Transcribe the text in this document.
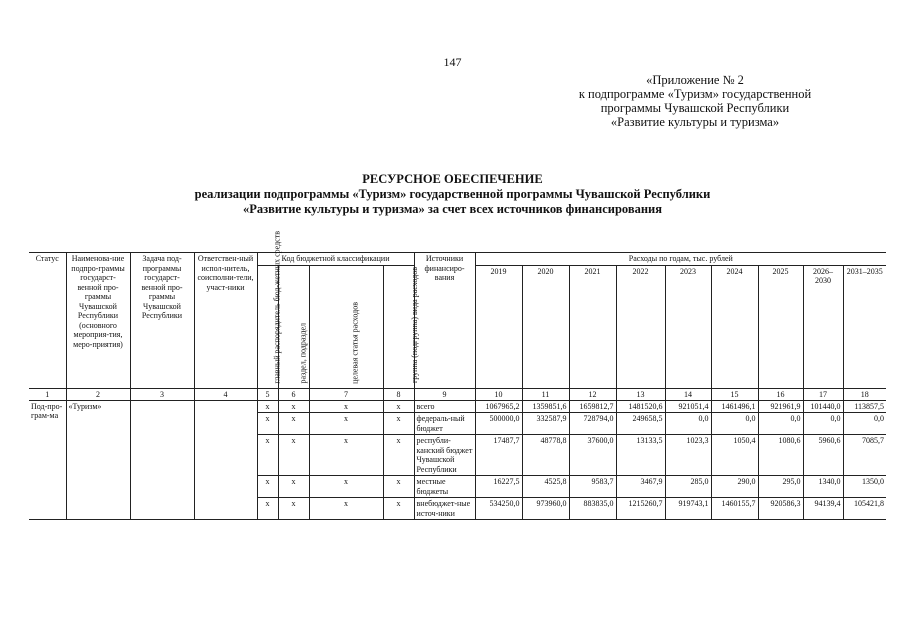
147
«Приложение № 2
к подпрограмме «Туризм» государственной
программы Чувашской Республики
«Развитие культуры и туризма»
РЕСУРСНОЕ ОБЕСПЕЧЕНИЕ
реализации подпрограммы «Туризм» государственной программы Чувашской Республики
«Развитие культуры и туризма» за счет всех источников финансирования
Статус	Наименова-ние подпро-граммы государст-венной про-граммы Чувашской Республики (основного мероприя-тия, меро-приятия)	Задача под-программы государст-венной про-граммы Чувашской Республики	Ответствен-ный испол-нитель, соисполни-тели, участ-ники	Код бюджетной классификации				Источники финансиро-вания	Расходы по годам, тыс. рублей								

				главный распорядитель бюд-жетных средств	раздел, подраздел	целевая статья расходов	группа (подгруппа) вида расходов		2019	2020	2021	2022	2023	2024	2025	2026–2030	2031–2035
1	2	3	4	5	6	7	8	9	10	11	12	13	14	15	16	17	18
Под-про-грам-ма	«Туризм»			x	x	x	x	всего	1067965,2	1359851,6	1659812,7	1481520,6	921051,4	1461496,1	921961,9	101440,0	113857,5
				x	x	x	x	федераль-ный бюджет	500000,0	332587,9	728794,0	249658,5	0,0	0,0	0,0	0,0	0,0
				x	x	x	x	республи-канский бюджет Чувашской Республики	17487,7	48778,8	37600,0	13133,5	1023,3	1050,4	1080,6	5960,6	7085,7
				x	x	x	x	местные бюджеты	16227,5	4525,8	9583,7	3467,9	285,0	290,0	295,0	1340,0	1350,0
				x	x	x	x	внебюджет-ные источ-ники	534250,0	973960,0	883835,0	1215260,7	919743,1	1460155,7	920586,3	94139,4	105421,8
